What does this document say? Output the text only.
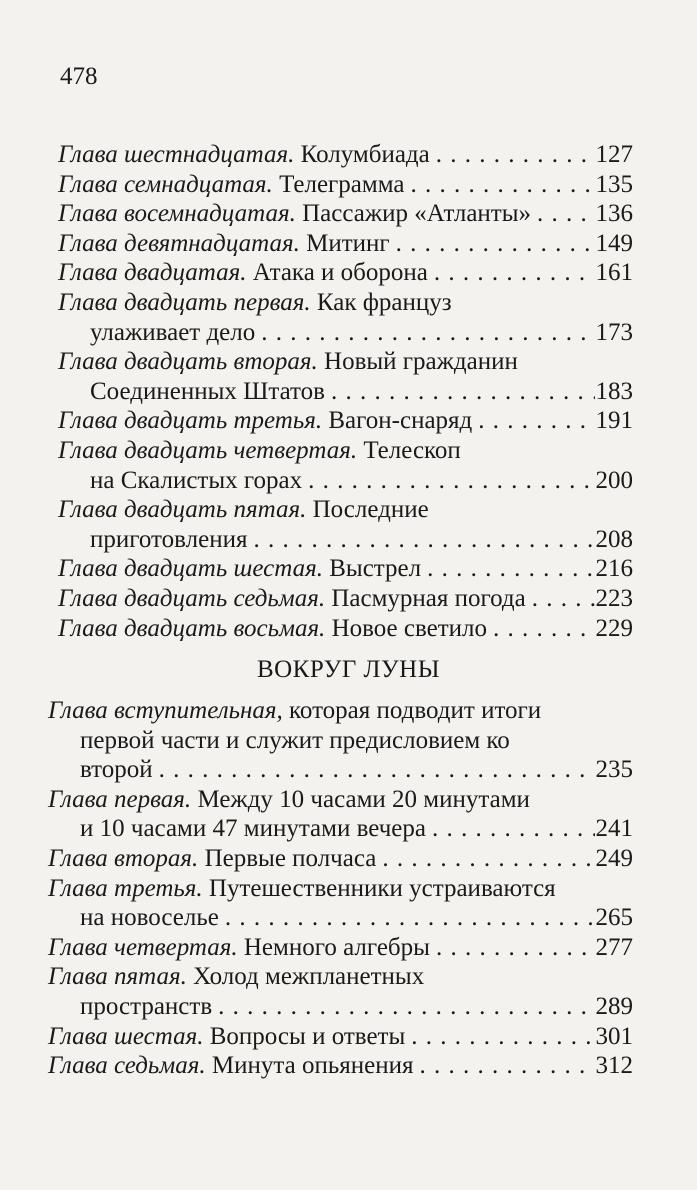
478
Глава шестнадцатая. Колумбиада . . .	127
Глава семнадцатая. Телеграмма . . .	135
Глава восемнадцатая. Пассажир «Атланты» . . .	136
Глава девятнадцатая. Митинг . . .	149
Глава двадцатая. Атака и оборона . . .	161
Глава двадцать первая. Как француз
улаживает дело . . .	173
Глава двадцать вторая. Новый гражданин
Соединенных Штатов . . .	183
Глава двадцать третья. Вагон-снаряд . . .	191
Глава двадцать четвертая. Телескоп
на Скалистых горах . . .	200
Глава двадцать пятая. Последние
приготовления . . .	208
Глава двадцать шестая. Выстрел . . .	216
Глава двадцать седьмая. Пасмурная погода . . .	223
Глава двадцать восьмая. Новое светило . . .	229
ВОКРУГ ЛУНЫ
Глава вступительная, которая подводит итоги
первой части и служит предисловием ко
второй . . .	235
Глава первая. Между 10 часами 20 минутами
и 10 часами 47 минутами вечера . . .	241
Глава вторая. Первые полчаса . . .	249
Глава третья. Путешественники устраиваются
на новоселье . . .	265
Глава четвертая. Немного алгебры . . .	277
Глава пятая. Холод межпланетных
пространств . . .	289
Глава шестая. Вопросы и ответы . . .	301
Глава седьмая. Минута опьянения . . .	312
